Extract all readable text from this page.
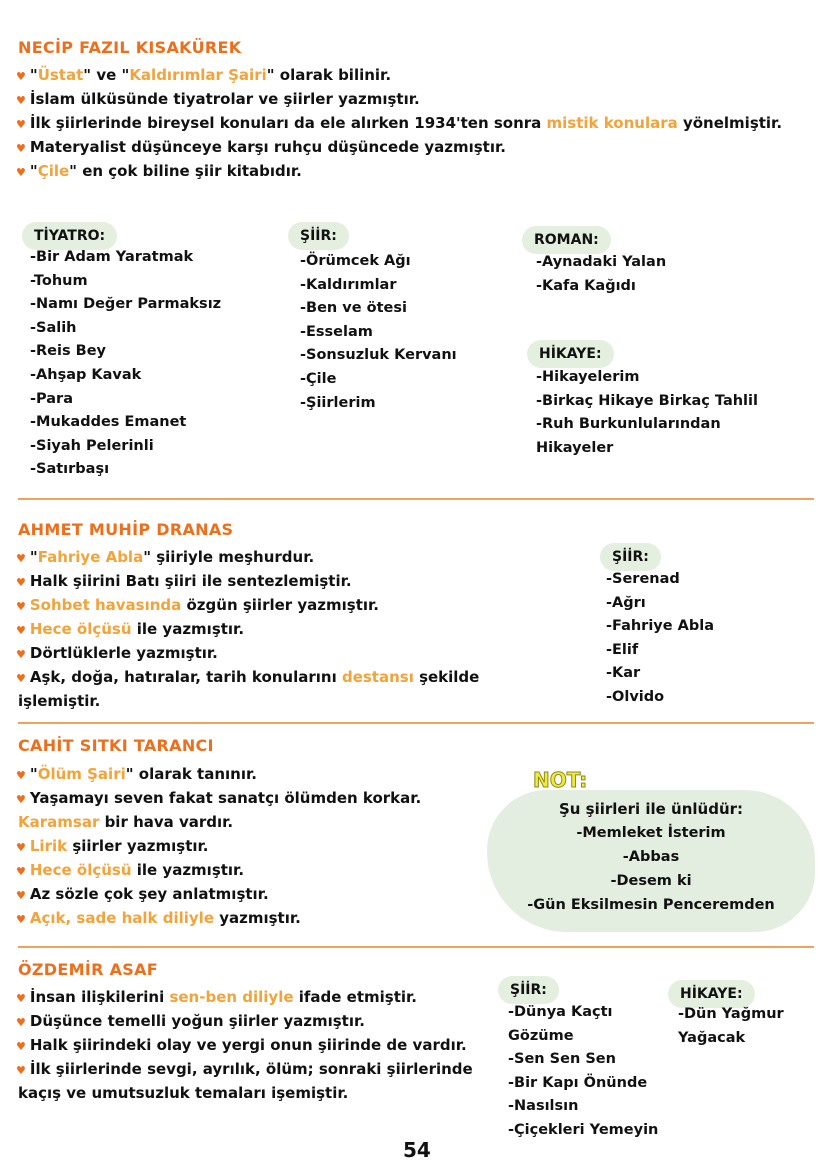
NECİP FAZIL KISAKÜREK
♥ "Üstat" ve "Kaldırımlar Şairi" olarak bilinir.
♥ İslam ülküsünde tiyatrolar ve şiirler yazmıştır.
♥ İlk şiirlerinde bireysel konuları da ele alırken 1934'ten sonra mistik konulara yönelmiştir.
♥ Materyalist düşünceye karşı ruhçu düşüncede yazmıştır.
♥ "Çile" en çok biline şiir kitabıdır.
TİYATRO:
-Bir Adam Yaratmak
-Tohum
-Namı Değer Parmaksız
-Salih
-Reis Bey
-Ahşap Kavak
-Para
-Mukaddes Emanet
-Siyah Pelerinli
-Satırbaşı
ŞİİR:
-Örümcek Ağı
-Kaldırımlar
-Ben ve ötesi
-Esselam
-Sonsuzluk Kervanı
-Çile
-Şiirlerim
ROMAN:
-Aynadaki Yalan
-Kafa Kağıdı
HİKAYE:
-Hikayelerim
-Birkaç Hikaye Birkaç Tahlil
-Ruh Burkunlularından
Hikayeler
AHMET MUHİP DRANAS
♥ "Fahriye Abla" şiiriyle meşhurdur.
♥ Halk şiirini Batı şiiri ile sentezlemiştir.
♥ Sohbet havasında özgün şiirler yazmıştır.
♥ Hece ölçüsü ile yazmıştır.
♥ Dörtlüklerle yazmıştır.
♥ Aşk, doğa, hatıralar, tarih konularını destansı şekilde
işlemiştir.
ŞİİR:
-Serenad
-Ağrı
-Fahriye Abla
-Elif
-Kar
-Olvido
CAHİT SITKI TARANCI
♥ "Ölüm Şairi" olarak tanınır.
♥ Yaşamayı seven fakat sanatçı ölümden korkar.
Karamsar bir hava vardır.
♥ Lirik şiirler yazmıştır.
♥ Hece ölçüsü ile yazmıştır.
♥ Az sözle çok şey anlatmıştır.
♥ Açık, sade halk diliyle yazmıştır.
NOT:
Şu şiirleri ile ünlüdür:
-Memleket İsterim
-Abbas
-Desem ki
-Gün Eksilmesin Penceremden
ÖZDEMİR ASAF
♥ İnsan ilişkilerini sen-ben diliyle ifade etmiştir.
♥ Düşünce temelli yoğun şiirler yazmıştır.
♥ Halk şiirindeki olay ve yergi onun şiirinde de vardır.
♥ İlk şiirlerinde sevgi, ayrılık, ölüm; sonraki şiirlerinde
kaçış ve umutsuzluk temaları işemiştir.
ŞİİR:
-Dünya Kaçtı
Gözüme
-Sen Sen Sen
-Bir Kapı Önünde
-Nasılsın
-Çiçekleri Yemeyin
HİKAYE:
-Dün Yağmur
Yağacak
54
